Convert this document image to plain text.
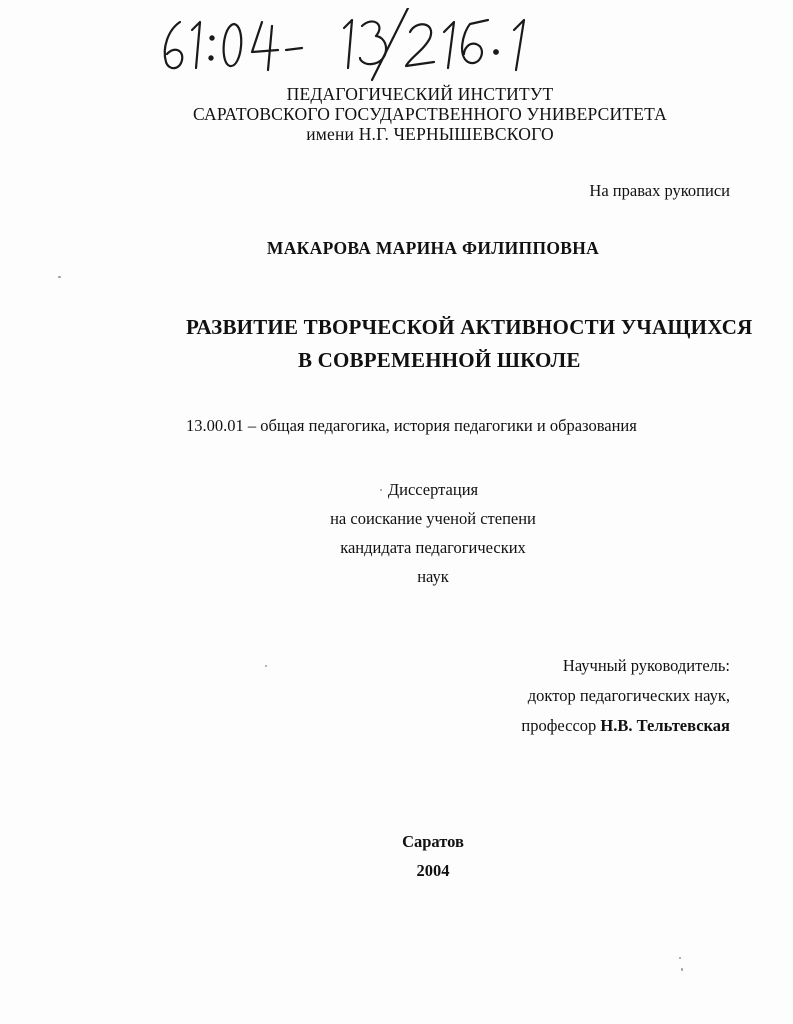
ПЕДАГОГИЧЕСКИЙ ИНСТИТУТ
САРАТОВСКОГО ГОСУДАРСТВЕННОГО УНИВЕРСИТЕТА
имени Н.Г. ЧЕРНЫШЕВСКОГО
На правах рукописи
МАКАРОВА МАРИНА ФИЛИППОВНА
РАЗВИТИЕ ТВОРЧЕСКОЙ АКТИВНОСТИ УЧАЩИХСЯ
В СОВРЕМЕННОЙ ШКОЛЕ
13.00.01 – общая педагогика, история педагогики и образования
Диссертация
на соискание ученой степени
кандидата педагогических
наук
Научный руководитель:
доктор педагогических наук,
профессор Н.В. Тельтевская
Саратов
2004
